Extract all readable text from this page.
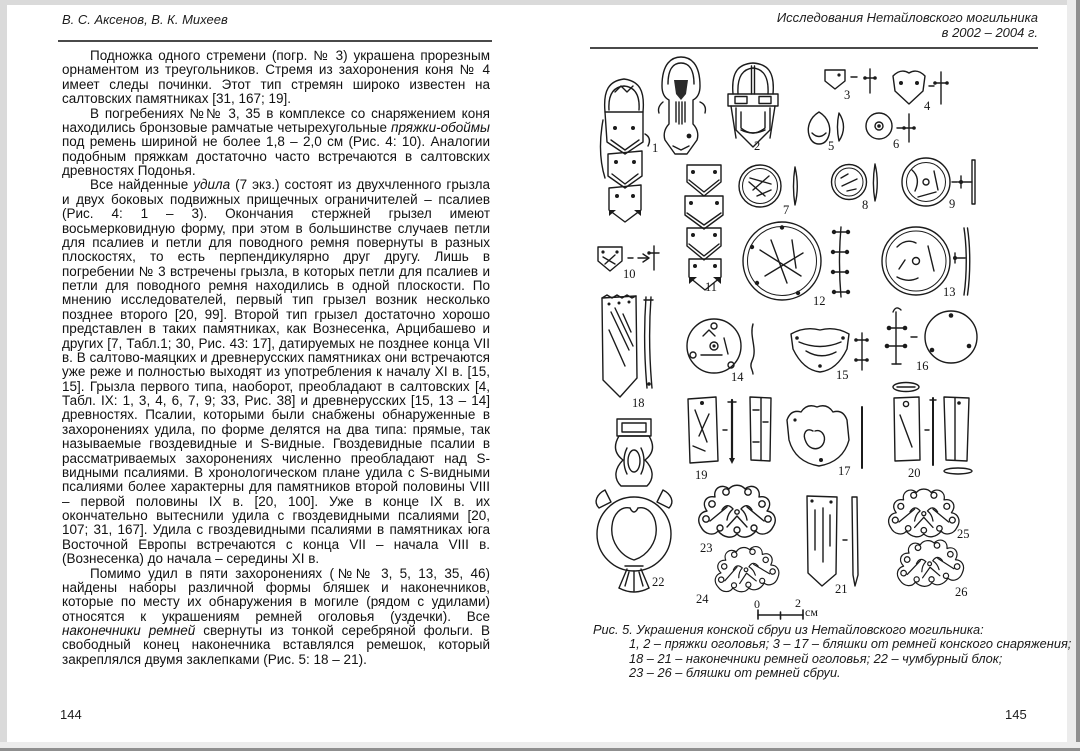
В. С. Аксенов, В. К. Михеев	Исследования Нетайловского могильника
в 2002 – 2004 г.

Подножка одного стремени (погр. № 3) украшена прорезным орнаментом из треугольников. Стремя из захоронения коня № 4 имеет следы починки. Этот тип стремян широко известен на салтовских памятниках [31, 167; 19].

В погребениях №№ 3, 35 в комплексе со снаряжением коня находились бронзовые рамчатые четырехугольные пряжки-обоймы под ремень шириной не более 1,8 – 2,0 см (Рис. 4: 10). Аналогии подобным пряжкам достаточно часто встречаются в салтовских древностях Подонья.

Все найденные удила (7 экз.) состоят из двухчленного грызла и двух боковых подвижных прищечных ограничителей – псалиев (Рис. 4: 1 – 3). Окончания стержней грызел имеют восьмерковидную форму, при этом в большинстве случаев петли для псалиев и петли для поводного ремня повернуты в разных плоскостях, то есть перпендикулярно друг другу. Лишь в погребении № 3 встречены грызла, в которых петли для псалиев и петли для поводного ремня находились в одной плоскости. По мнению исследователей, первый тип грызел возник несколько позднее второго [20, 99]. Второй тип грызел достаточно хорошо представлен в таких памятниках, как Вознесенка, Арцибашево и других [7, Табл.1; 30, Рис. 43: 17], датируемых не позднее конца VII в. В салтово-маяцких и древнерусских памятниках они встречаются уже реже и полностью выходят из употребления к началу XI в. [15, 15]. Грызла первого типа, наоборот, преобладают в салтовских [4, Табл. IX: 1, 3, 4, 6, 7, 9; 33, Рис. 38] и древнерусских [15, 13 – 14] древностях. Псалии, которыми были снабжены обнаруженные в захоронениях удила, по форме делятся на два типа: прямые, так называемые гвоздевидные и S-видные. Гвоздевидные псалии в рассматриваемых захоронениях численно преобладают над S-видными псалиями. В хронологическом плане удила с S-видными псалиями более характерны для памятников второй половины VIII – первой половины IX в. [20, 100]. Уже в конце IX в. их окончательно вытеснили удила с гвоздевидными псалиями [20, 107; 31, 167]. Удила с гвоздевидными псалиями в памятниках юга Восточной Европы встречаются с конца VII – начала VIII в. (Вознесенка) до начала – середины XI в.

Помимо удил в пяти захоронениях (№№ 3, 5, 13, 35, 46) найдены наборы различной формы бляшек и наконечников, которые по месту их обнаружения в могиле (рядом с удилами) относятся к украшениям ремней оголовья (уздечки). Все наконечники ремней свернуты из тонкой серебряной фольги. В свободный конец наконечника вставлялся ремешок, который закреплялся двумя заклепками (Рис. 5: 18 – 21).

1	2
3
4
5	6
7	8	9
10
11
12
13
14	15
16
17
18
19	20
21
22
23
24
25
26
0	2
см
Рис. 5. Украшения конской сбруи из Нетайловского могильника:
1, 2 – пряжки оголовья; 3 – 17 – бляшки от ремней конского снаряжения;
18 – 21 – наконечники ремней оголовья; 22 – чумбурный блок;
23 – 26 – бляшки от ремней сбруи.
144	145
